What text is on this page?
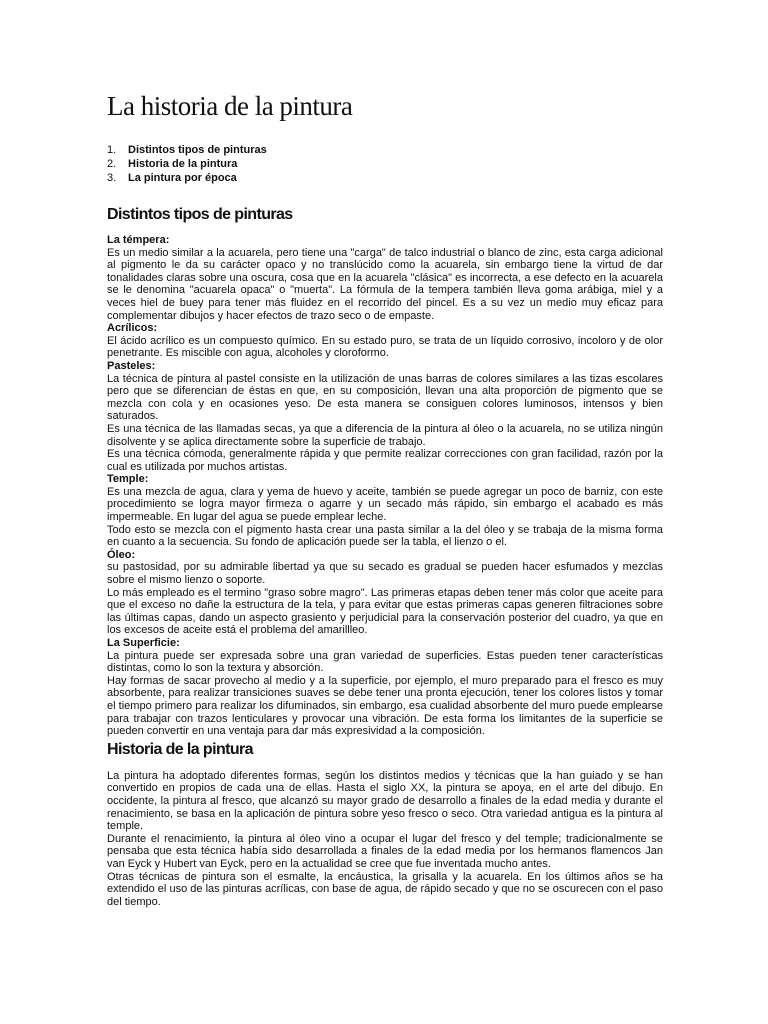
La historia de la pintura
1.	Distintos tipos de pinturas
2.	Historia de la pintura
3.	La pintura por época
Distintos tipos de pinturas

La témpera:

Es un medio similar a la acuarela, pero tiene una "carga" de talco industrial o blanco de zinc, esta carga adicional al pigmento le da su carácter opaco y no translúcido como la acuarela, sin embargo tiene la virtud de dar tonalidades claras sobre una oscura, cosa que en la acuarela "clásica" es incorrecta, a ese defecto en la acuarela se le denomina "acuarela opaca" o "muerta". La fórmula de la tempera también lleva goma arábiga, miel y a veces hiel de buey para tener más fluidez en el recorrido del pincel. Es a su vez un medio muy eficaz para complementar dibujos y hacer efectos de trazo seco o de empaste.

Acrílicos:

El ácido acrílico es un compuesto químico. En su estado puro, se trata de un líquido corrosivo, incoloro y de olor penetrante. Es miscible con agua, alcoholes y cloroformo.

Pasteles:

La técnica de pintura al pastel consiste en la utilización de unas barras de colores similares a las tizas escolares pero que se diferencian de éstas en que, en su composición, llevan una alta proporción de pigmento que se mezcla con cola y en ocasiones yeso. De esta manera se consiguen colores luminosos, intensos y bien saturados.

Es una técnica de las llamadas secas, ya que a diferencia de la pintura al óleo o la acuarela, no se utiliza ningún disolvente y se aplica directamente sobre la superficie de trabajo.

Es una técnica cómoda, generalmente rápida y que permite realizar correcciones con gran facilidad, razón por la cual es utilizada por muchos artistas.

Temple:

Es una mezcla de agua, clara y yema de huevo y aceite, también se puede agregar un poco de barniz, con este procedimiento se logra mayor firmeza o agarre y un secado más rápido, sin embargo el acabado es más impermeable. En lugar del agua se puede emplear leche.

Todo esto se mezcla con el pigmento hasta crear una pasta similar a la del óleo y se trabaja de la misma forma en cuanto a la secuencia. Su fondo de aplicación puede ser la tabla, el lienzo o el.

Óleo:

su pastosidad, por su admirable libertad ya que su secado es gradual se pueden hacer esfumados y mezclas sobre el mismo lienzo o soporte.

Lo más empleado es el termino "graso sobre magro". Las primeras etapas deben tener más color que aceite para que el exceso no dañe la estructura de la tela, y para evitar que estas primeras capas generen filtraciones sobre las últimas capas, dando un aspecto grasiento y perjudicial para la conservación posterior del cuadro, ya que en los excesos de aceite está el problema del amarillleo.

La Superficie:

La pintura puede ser expresada sobre una gran variedad de superficies. Estas pueden tener características distintas, como lo son la textura y absorción.

Hay formas de sacar provecho al medio y a la superficie, por ejemplo, el muro preparado para el fresco es muy absorbente, para realizar transiciones suaves se debe tener una pronta ejecución, tener los colores listos y tomar el tiempo primero para realizar los difuminados, sin embargo, esa cualidad absorbente del muro puede emplearse para trabajar con trazos lenticulares y provocar una vibración. De esta forma los limitantes de la superficie se pueden convertir en una ventaja para dar más expresividad a la composición.

Historia de la pintura

La pintura ha adoptado diferentes formas, según los distintos medios y técnicas que la han guiado y se han convertido en propios de cada una de ellas. Hasta el siglo XX, la pintura se apoya, en el arte del dibujo. En occidente, la pintura al fresco, que alcanzó su mayor grado de desarrollo a finales de la edad media y durante el renacimiento, se basa en la aplicación de pintura sobre yeso fresco o seco. Otra variedad antigua es la pintura al temple.

Durante el renacimiento, la pintura al óleo vino a ocupar el lugar del fresco y del temple; tradicionalmente se pensaba que esta técnica había sido desarrollada a finales de la edad media por los hermanos flamencos Jan van Eyck y Hubert van Eyck, pero en la actualidad se cree que fue inventada mucho antes.

Otras técnicas de pintura son el esmalte, la encáustica, la grisalla y la acuarela. En los últimos años se ha extendido el uso de las pinturas acrílicas, con base de agua, de rápido secado y que no se oscurecen con el paso del tiempo.
